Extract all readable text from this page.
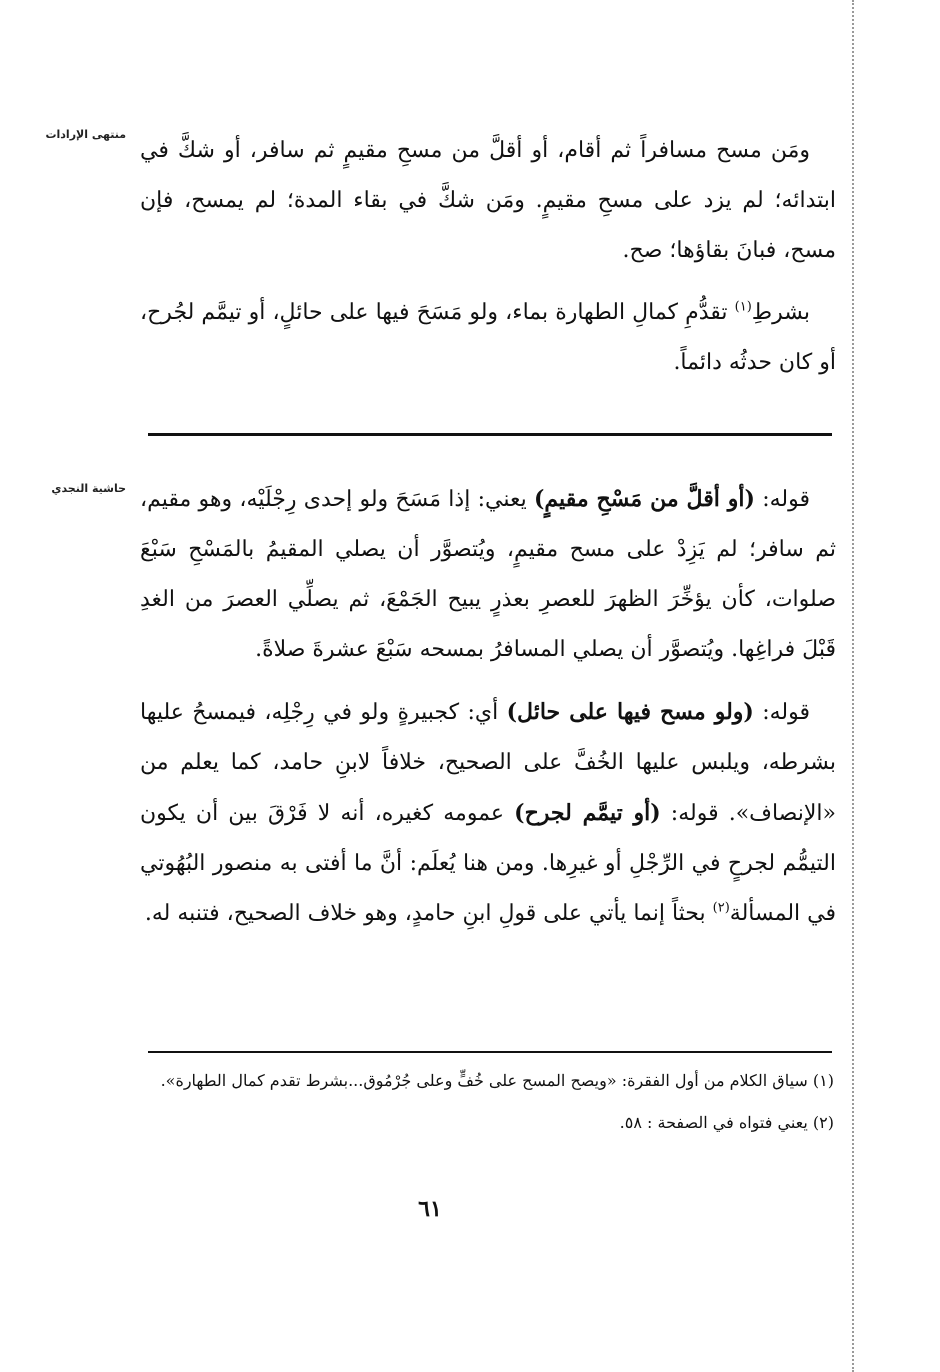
منتهى الإرادات

ومَن مسح مسافراً ثم أقام، أو أقلَّ من مسحِ مقيمٍ ثم سافر، أو شكَّ في ابتدائه؛ لم يزد على مسحِ مقيمٍ. ومَن شكَّ في بقاء المدة؛ لم يمسح، فإن مسح، فبانَ بقاؤها؛ صح.

بشرطِ$^{(١)}$ تقدُّمِ كمالِ الطهارة بماء، ولو مَسَحَ فيها على حائلٍ، أو تيمَّم لجُرح، أو كان حدثُه دائماً.

حاشية النجدي	قوله: (أو أقلَّ من مَسْحِ مقيمٍ) يعني: إذا مَسَحَ ولو إحدى رِجْلَيْه، وهو مقيم، ثم سافر؛ لم يَزِدْ على مسح مقيمٍ، ويُتصوَّر أن يصلي المقيمُ بالمَسْحِ سَبْعَ صلوات، كأن يؤخِّرَ الظهرَ للعصرِ بعذرٍ يبيح الجَمْعَ، ثم يصلِّي العصرَ من الغدِ قَبْلَ فراغِها. ويُتصوَّر أن يصلي المسافرُ بمسحه سَبْعَ عشرةَ صلاةً.

قوله: (ولو مسح فيها على حائل) أي: كجبيرةٍ ولو في رِجْلِه، فيمسحُ عليها بشرطه، ويلبس عليها الخُفَّ على الصحيح، خلافاً لابنِ حامد، كما يعلم من «الإنصاف». قوله: (أو تيمَّم لجرح) عمومه كغيره، أنه لا فَرْقَ بين أن يكون التيمُّم لجرحٍ في الرِّجْلِ أو غيرِها. ومن هنا يُعلَم: أنَّ ما أفتى به منصور البُهُوتي في المسألة$^{(٢)}$ بحثاً إنما يأتي على قولِ ابنِ حامدٍ، وهو خلاف الصحيح، فتنبه له.

(١) سياق الكلام من أول الفقرة: «ويصح المسح على خُفٍّ وعلى جُرْمُوق...بشرط تقدم كمال الطهارة».

(٢) يعني فتواه في الصفحة : ٥٨.

٦١
